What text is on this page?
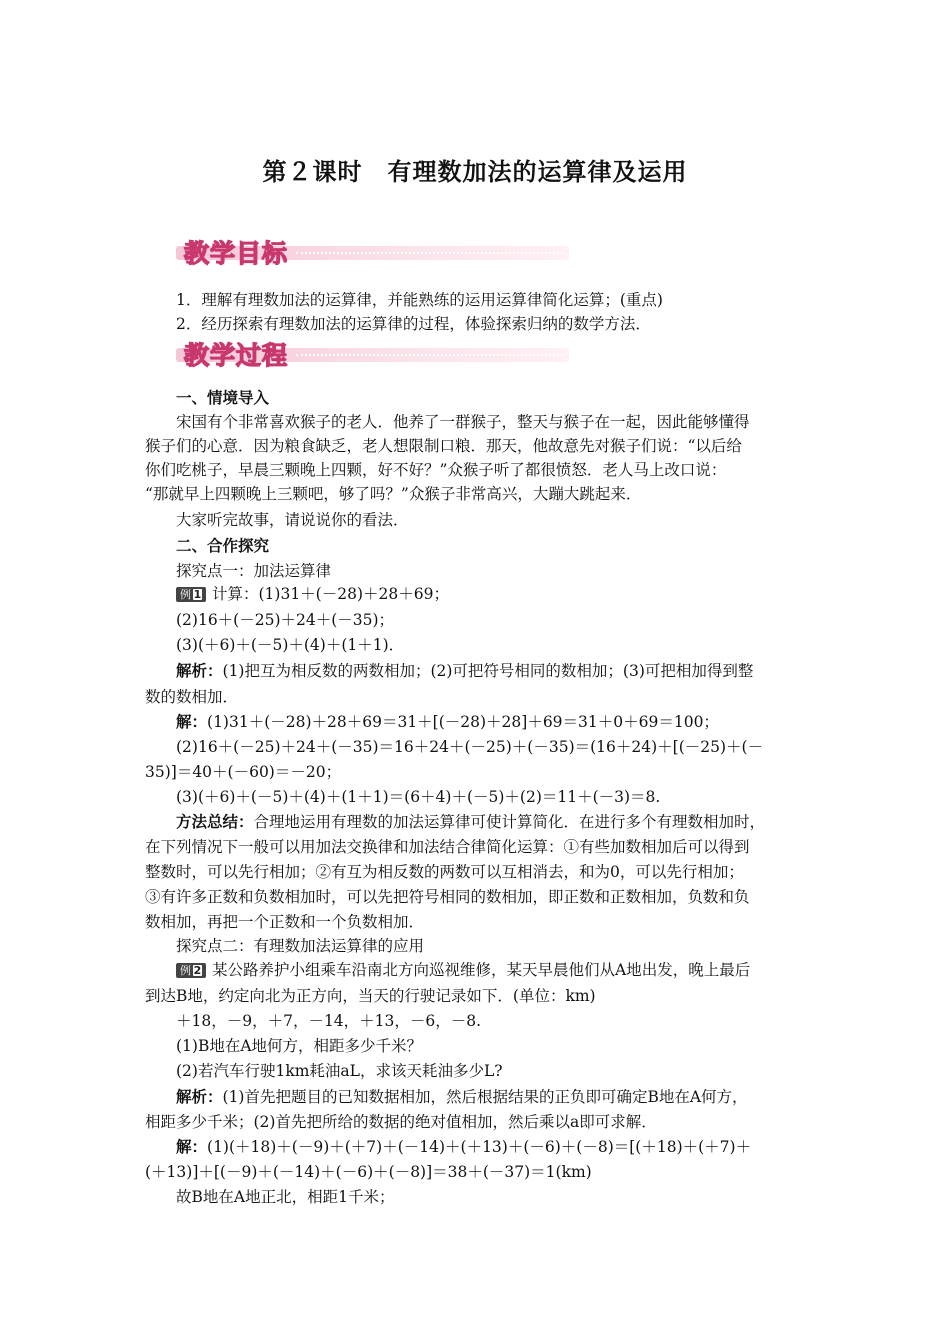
第２课时　有理数加法的运算律及运用
教学目标
1．理解有理数加法的运算律，并能熟练的运用运算律简化运算；(重点)
2．经历探索有理数加法的运算律的过程，体验探索归纳的数学方法．
教学过程
一、情境导入
宋国有个非常喜欢猴子的老人．他养了一群猴子，整天与猴子在一起，因此能够懂得
猴子们的心意．因为粮食缺乏，老人想限制口粮．那天，他故意先对猴子们说：“以后给
你们吃桃子，早晨三颗晚上四颗，好不好？”众猴子听了都很愤怒．老人马上改口说：
“那就早上四颗晚上三颗吧，够了吗？”众猴子非常高兴，大蹦大跳起来．
大家听完故事，请说说你的看法．
二、合作探究
探究点一：加法运算律
例 1 计算：(1)31＋(－28)＋28＋69；
(2)16＋(－25)＋24＋(－35)；
(3)(＋6)＋(－5)＋(4)＋(1＋1)．
解析：(1)把互为相反数的两数相加；(2)可把符号相同的数相加；(3)可把相加得到整
数的数相加．
解：(1)31＋(－28)＋28＋69＝31＋[(－28)＋28]＋69＝31＋0＋69＝100；
(2)16＋(－25)＋24＋(－35)＝16＋24＋(－25)＋(－35)＝(16＋24)＋[(－25)＋(－
35)]＝40＋(－60)＝－20；
(3)(＋6)＋(－5)＋(4)＋(1＋1)＝(6＋4)＋(－5)＋(2)＝11＋(－3)＝8.
方法总结：合理地运用有理数的加法运算律可使计算简化．在进行多个有理数相加时，
在下列情况下一般可以用加法交换律和加法结合律简化运算：①有些加数相加后可以得到
整数时，可以先行相加；②有互为相反数的两数可以互相消去，和为0，可以先行相加；
③有许多正数和负数相加时，可以先把符号相同的数相加，即正数和正数相加，负数和负
数相加，再把一个正数和一个负数相加．
探究点二：有理数加法运算律的应用
例 2 某公路养护小组乘车沿南北方向巡视维修，某天早晨他们从A地出发，晚上最后
到达B地，约定向北为正方向，当天的行驶记录如下．(单位：km)
＋18，－9，＋7，－14，＋13，－6，－8.
(1)B地在A地何方，相距多少千米？
(2)若汽车行驶1km耗油aL，求该天耗油多少L?
解析：(1)首先把题目的已知数据相加，然后根据结果的正负即可确定B地在A何方，
相距多少千米；(2)首先把所给的数据的绝对值相加，然后乘以a即可求解．
解：(1)(＋18)＋(－9)＋(＋7)＋(－14)＋(＋13)＋(－6)＋(－8)＝[(＋18)＋(＋7)＋
(＋13)]＋[(－9)＋(－14)＋(－6)＋(－8)]＝38＋(－37)＝1(km)
故B地在A地正北，相距1千米；
